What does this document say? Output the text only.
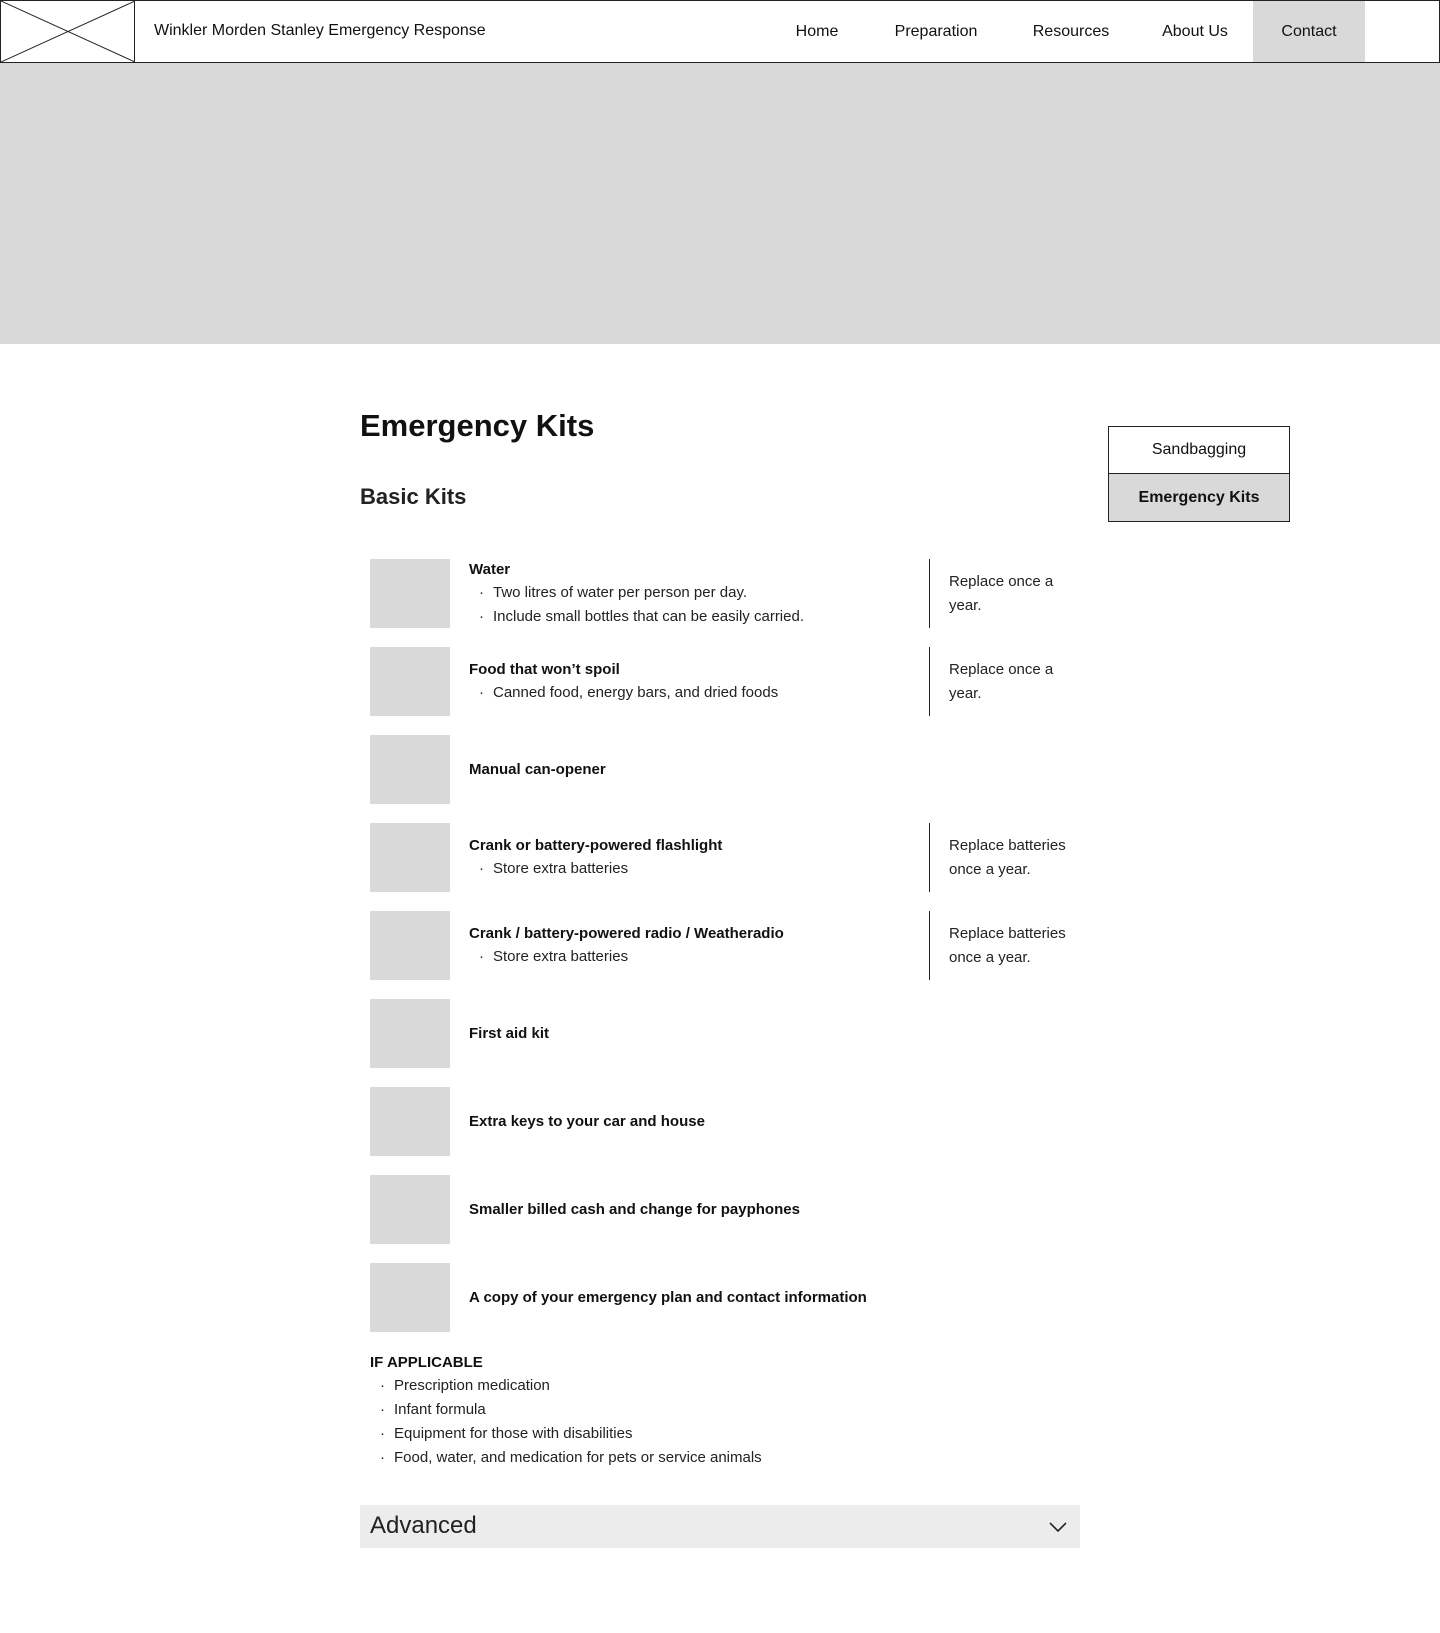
Winkler Morden Stanley Emergency Response	Home	Preparation	Resources	About Us	Contact
Emergency Kits
Basic Kits
Sandbagging
Emergency Kits
Water
· Two litres of water per person per day.
· Include small bottles that can be easily carried.
Replace once a year.
Food that won’t spoil
· Canned food, energy bars, and dried foods
Replace once a year.
Manual can-opener
Crank or battery-powered flashlight
· Store extra batteries
Replace batteries once a year.
Crank / battery-powered radio / Weatheradio
· Store extra batteries
Replace batteries once a year.
First aid kit
Extra keys to your car and house
Smaller billed cash and change for payphones
A copy of your emergency plan and contact information
IF APPLICABLE
· Prescription medication
· Infant formula
· Equipment for those with disabilities
· Food, water, and medication for pets or service animals
Advanced
